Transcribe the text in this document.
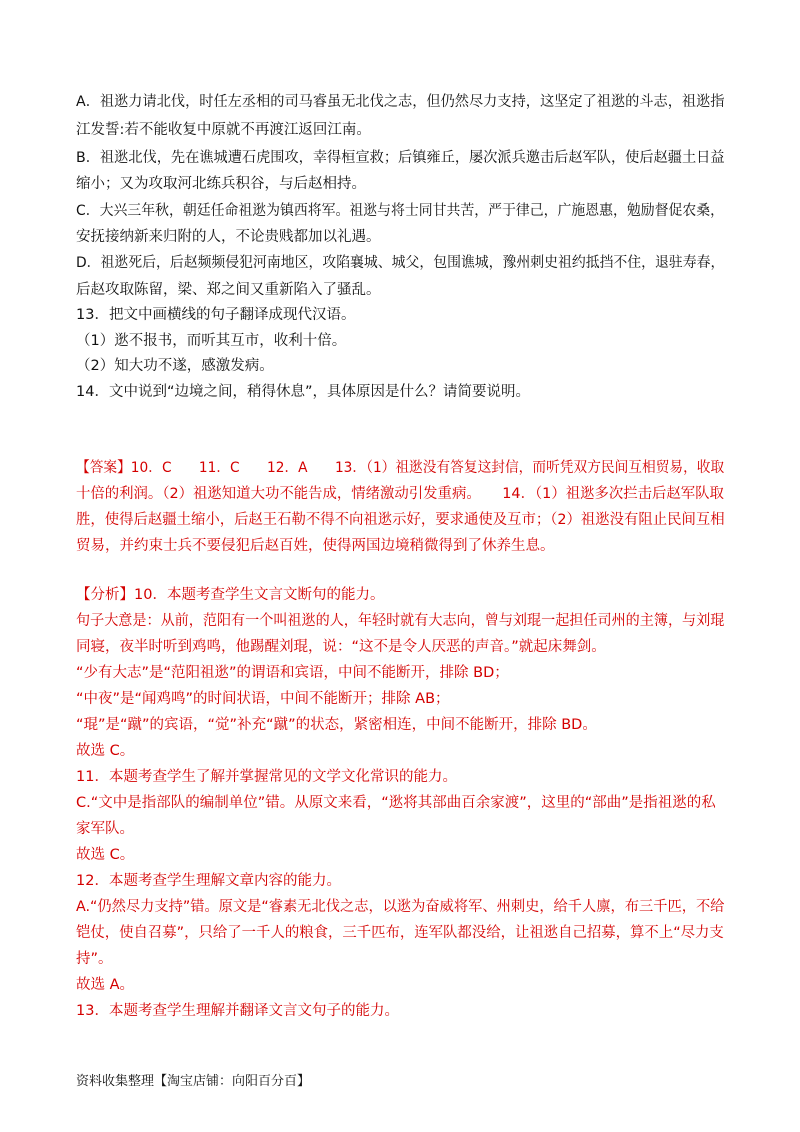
A．祖逖力请北伐，时任左丞相的司马睿虽无北伐之志，但仍然尽力支持，这坚定了祖逖的斗志，祖逖指
江发誓:若不能收复中原就不再渡江返回江南。
B．祖逖北伐，先在谯城遭石虎围攻，幸得桓宣救；后镇雍丘，屡次派兵邀击后赵军队，使后赵疆土日益
缩小；又为攻取河北练兵积谷，与后赵相持。
C．大兴三年秋，朝廷任命祖逖为镇西将军。祖逖与将士同甘共苦，严于律己，广施恩惠，勉励督促农桑，
安抚接纳新来归附的人，不论贵贱都加以礼遇。
D．祖逖死后，后赵频频侵犯河南地区，攻陷襄城、城父，包围谯城，豫州刺史祖约抵挡不住，退驻寿春，
后赵攻取陈留，梁、郑之间又重新陷入了骚乱。
13．把文中画横线的句子翻译成现代汉语。
（1）逖不报书，而听其互市，收利十倍。
（2）知大功不遂，感激发病。
14．文中说到“边境之间，稍得休息”，具体原因是什么？请简要说明。
【答案】10．C　　11．C　　12．A　　13．（1）祖逖没有答复这封信，而听凭双方民间互相贸易，收取
十倍的利润。（2）祖逖知道大功不能告成，情绪激动引发重病。　　14．（1）祖逖多次拦击后赵军队取
胜，使得后赵疆土缩小，后赵王石勒不得不向祖逖示好，要求通使及互市；（2）祖逖没有阻止民间互相
贸易，并约束士兵不要侵犯后赵百姓，使得两国边境稍微得到了休养生息。
【分析】10．本题考查学生文言文断句的能力。
句子大意是：从前，范阳有一个叫祖逖的人，年轻时就有大志向，曾与刘琨一起担任司州的主簿，与刘琨
同寝，夜半时听到鸡鸣，他踢醒刘琨，说：“这不是令人厌恶的声音。”就起床舞剑。
“少有大志”是“范阳祖逖”的谓语和宾语，中间不能断开，排除 BD；
“中夜”是“闻鸡鸣”的时间状语，中间不能断开；排除 AB；
“琨”是“蹴”的宾语，“觉”补充“蹴”的状态，紧密相连，中间不能断开，排除 BD。
故选 C。
11．本题考查学生了解并掌握常见的文学文化常识的能力。
C.“文中是指部队的编制单位”错。从原文来看，“逖将其部曲百余家渡”，这里的“部曲”是指祖逖的私
家军队。
故选 C。
12．本题考查学生理解文章内容的能力。
A.“仍然尽力支持”错。原文是“睿素无北伐之志，以逖为奋威将军、州刺史，给千人廪，布三千匹，不给
铠仗，使自召募”，只给了一千人的粮食，三千匹布，连军队都没给，让祖逖自己招募，算不上“尽力支
持”。
故选 A。
13．本题考查学生理解并翻译文言文句子的能力。
资料收集整理【淘宝店铺：向阳百分百】
